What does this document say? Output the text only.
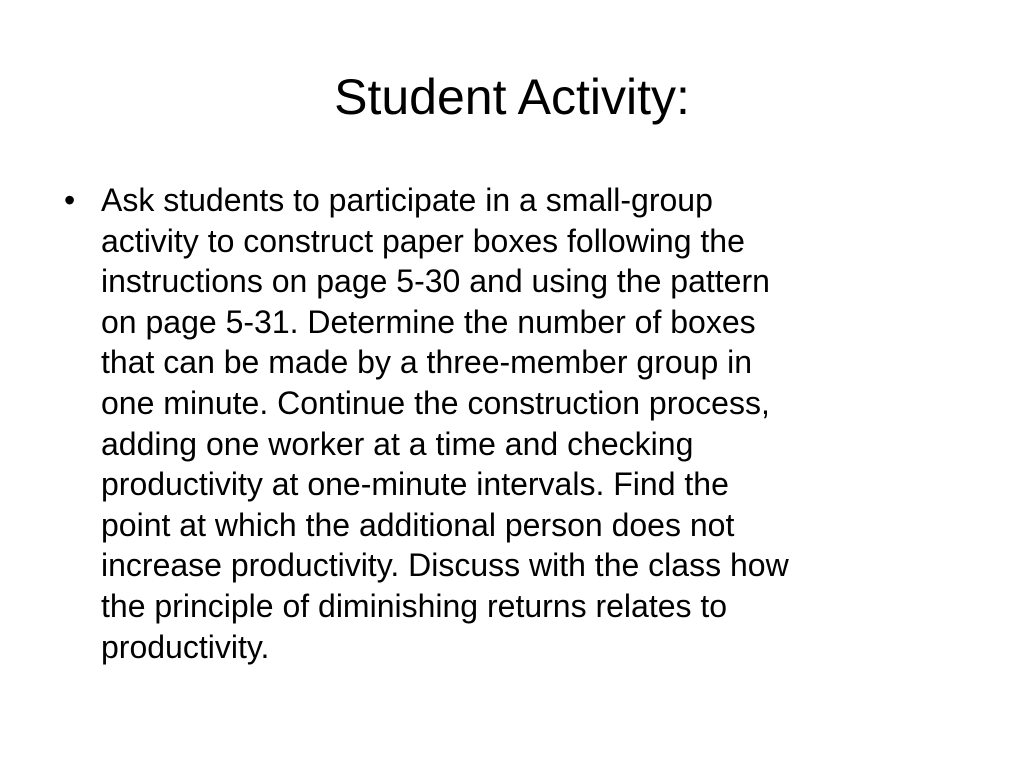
Student Activity:
• Ask students to participate in a small-group
activity to construct paper boxes following the
instructions on page 5-30 and using the pattern
on page 5-31. Determine the number of boxes
that can be made by a three-member group in
one minute. Continue the construction process,
adding one worker at a time and checking
productivity at one-minute intervals. Find the
point at which the additional person does not
increase productivity. Discuss with the class how
the principle of diminishing returns relates to
productivity.
